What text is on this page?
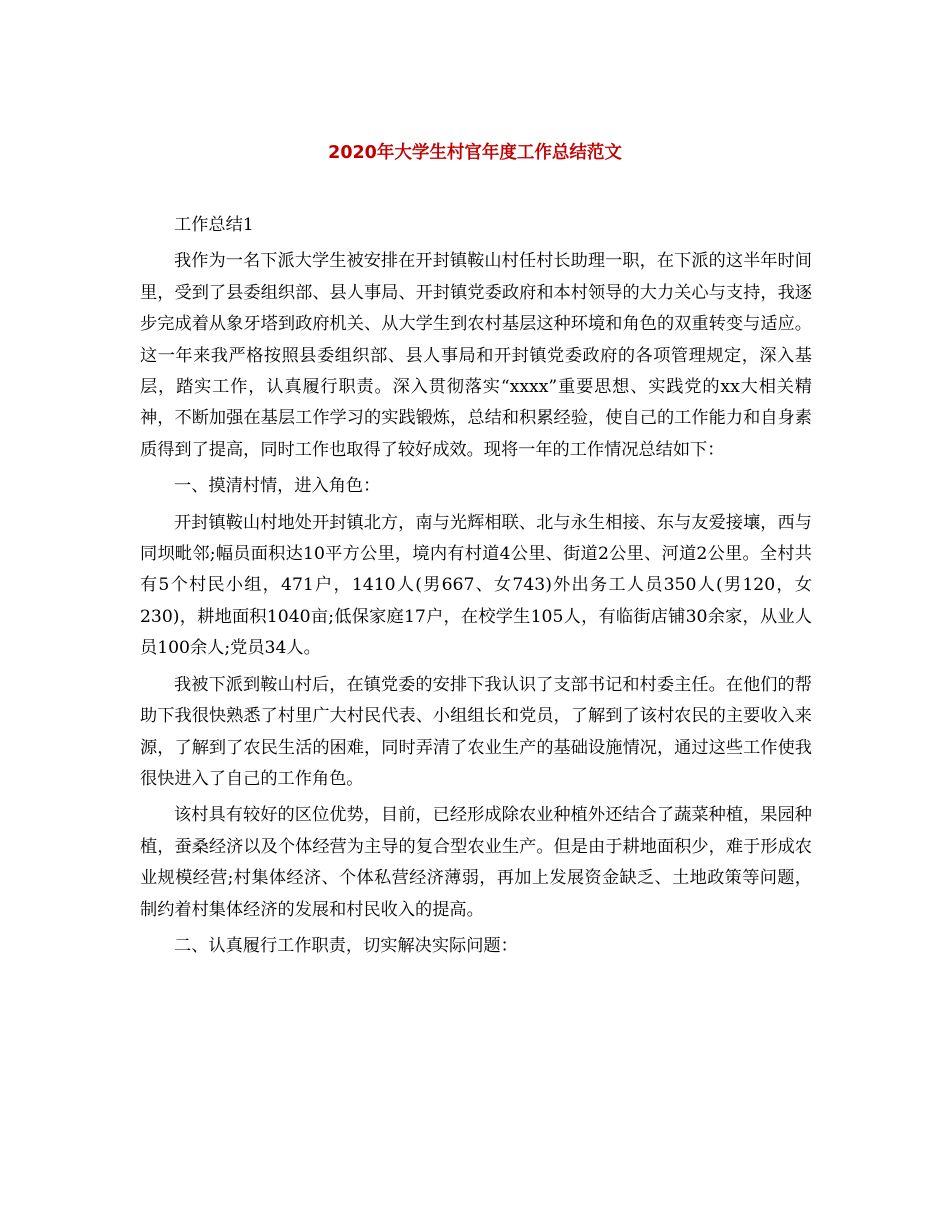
2020年大学生村官年度工作总结范文

工作总结1

我作为一名下派大学生被安排在开封镇鞍山村任村长助理一职，在下派的这半年时间里，受到了县委组织部、县人事局、开封镇党委政府和本村领导的大力关心与支持，我逐步完成着从象牙塔到政府机关、从大学生到农村基层这种环境和角色的双重转变与适应。这一年来我严格按照县委组织部、县人事局和开封镇党委政府的各项管理规定，深入基层，踏实工作，认真履行职责。深入贯彻落实“xxxx”重要思想、实践党的xx大相关精神，不断加强在基层工作学习的实践锻炼，总结和积累经验，使自己的工作能力和自身素质得到了提高，同时工作也取得了较好成效。现将一年的工作情况总结如下：

一、摸清村情，进入角色：

开封镇鞍山村地处开封镇北方，南与光辉相联、北与永生相接、东与友爱接壤，西与同坝毗邻;幅员面积达10平方公里，境内有村道4公里、街道2公里、河道2公里。全村共有5个村民小组，471户，1410人(男667、女743)外出务工人员350人(男120，女230)，耕地面积1040亩;低保家庭17户，在校学生105人，有临街店铺30余家，从业人员100余人;党员34人。

我被下派到鞍山村后，在镇党委的安排下我认识了支部书记和村委主任。在他们的帮助下我很快熟悉了村里广大村民代表、小组组长和党员，了解到了该村农民的主要收入来源，了解到了农民生活的困难，同时弄清了农业生产的基础设施情况，通过这些工作使我很快进入了自己的工作角色。

该村具有较好的区位优势，目前，已经形成除农业种植外还结合了蔬菜种植，果园种植，蚕桑经济以及个体经营为主导的复合型农业生产。但是由于耕地面积少，难于形成农业规模经营;村集体经济、个体私营经济薄弱，再加上发展资金缺乏、土地政策等问题，制约着村集体经济的发展和村民收入的提高。

二、认真履行工作职责，切实解决实际问题：
